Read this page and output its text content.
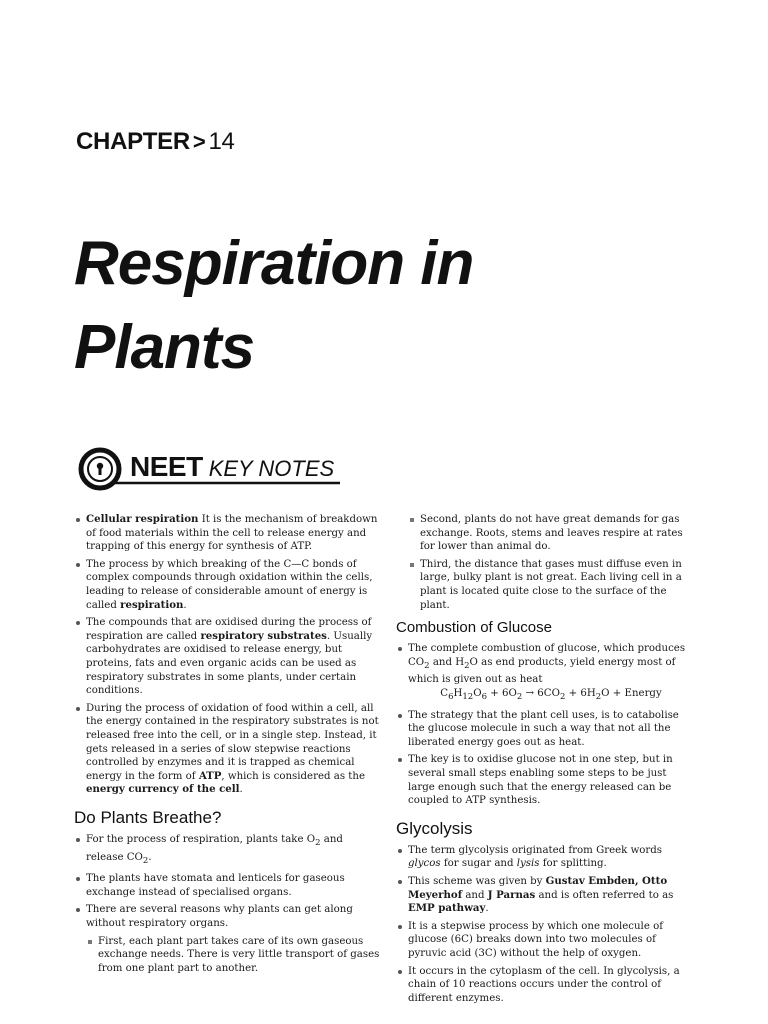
CHAPTER > 14
Respiration in
Plants
NEET KEY NOTES
Cellular respiration It is the mechanism of breakdown of food materials within the cell to release energy and trapping of this energy for synthesis of ATP.
The process by which breaking of the C—C bonds of complex compounds through oxidation within the cells, leading to release of considerable amount of energy is called respiration.
The compounds that are oxidised during the process of respiration are called respiratory substrates. Usually carbohydrates are oxidised to release energy, but proteins, fats and even organic acids can be used as respiratory substrates in some plants, under certain conditions.
During the process of oxidation of food within a cell, all the energy contained in the respiratory substrates is not released free into the cell, or in a single step. Instead, it gets released in a series of slow stepwise reactions controlled by enzymes and it is trapped as chemical energy in the form of ATP, which is considered as the energy currency of the cell.
Do Plants Breathe?
For the process of respiration, plants take $O_2$ and release $CO_2$.
The plants have stomata and lenticels for gaseous exchange instead of specialised organs.
There are several reasons why plants can get along without respiratory organs.
First, each plant part takes care of its own gaseous exchange needs. There is very little transport of gases from one plant part to another.
Second, plants do not have great demands for gas exchange. Roots, stems and leaves respire at rates for lower than animal do.
Third, the distance that gases must diffuse even in large, bulky plant is not great. Each living cell in a plant is located quite close to the surface of the plant.
Combustion of Glucose
The complete combustion of glucose, which produces $CO_2$ and $H_2O$ as end products, yield energy most of which is given out as heat
$C_6H_{12}O_6 + 6O_2 \to 6CO_2 + 6H_2O$ + Energy
The strategy that the plant cell uses, is to catabolise the glucose molecule in such a way that not all the liberated energy goes out as heat.
The key is to oxidise glucose not in one step, but in several small steps enabling some steps to be just large enough such that the energy released can be coupled to ATP synthesis.
Glycolysis
The term glycolysis originated from Greek words glycos for sugar and lysis for splitting.
This scheme was given by Gustav Embden, Otto Meyerhof and J Parnas and is often referred to as EMP pathway.
It is a stepwise process by which one molecule of glucose (6C) breaks down into two molecules of pyruvic acid (3C) without the help of oxygen.
It occurs in the cytoplasm of the cell. In glycolysis, a chain of 10 reactions occurs under the control of different enzymes.
